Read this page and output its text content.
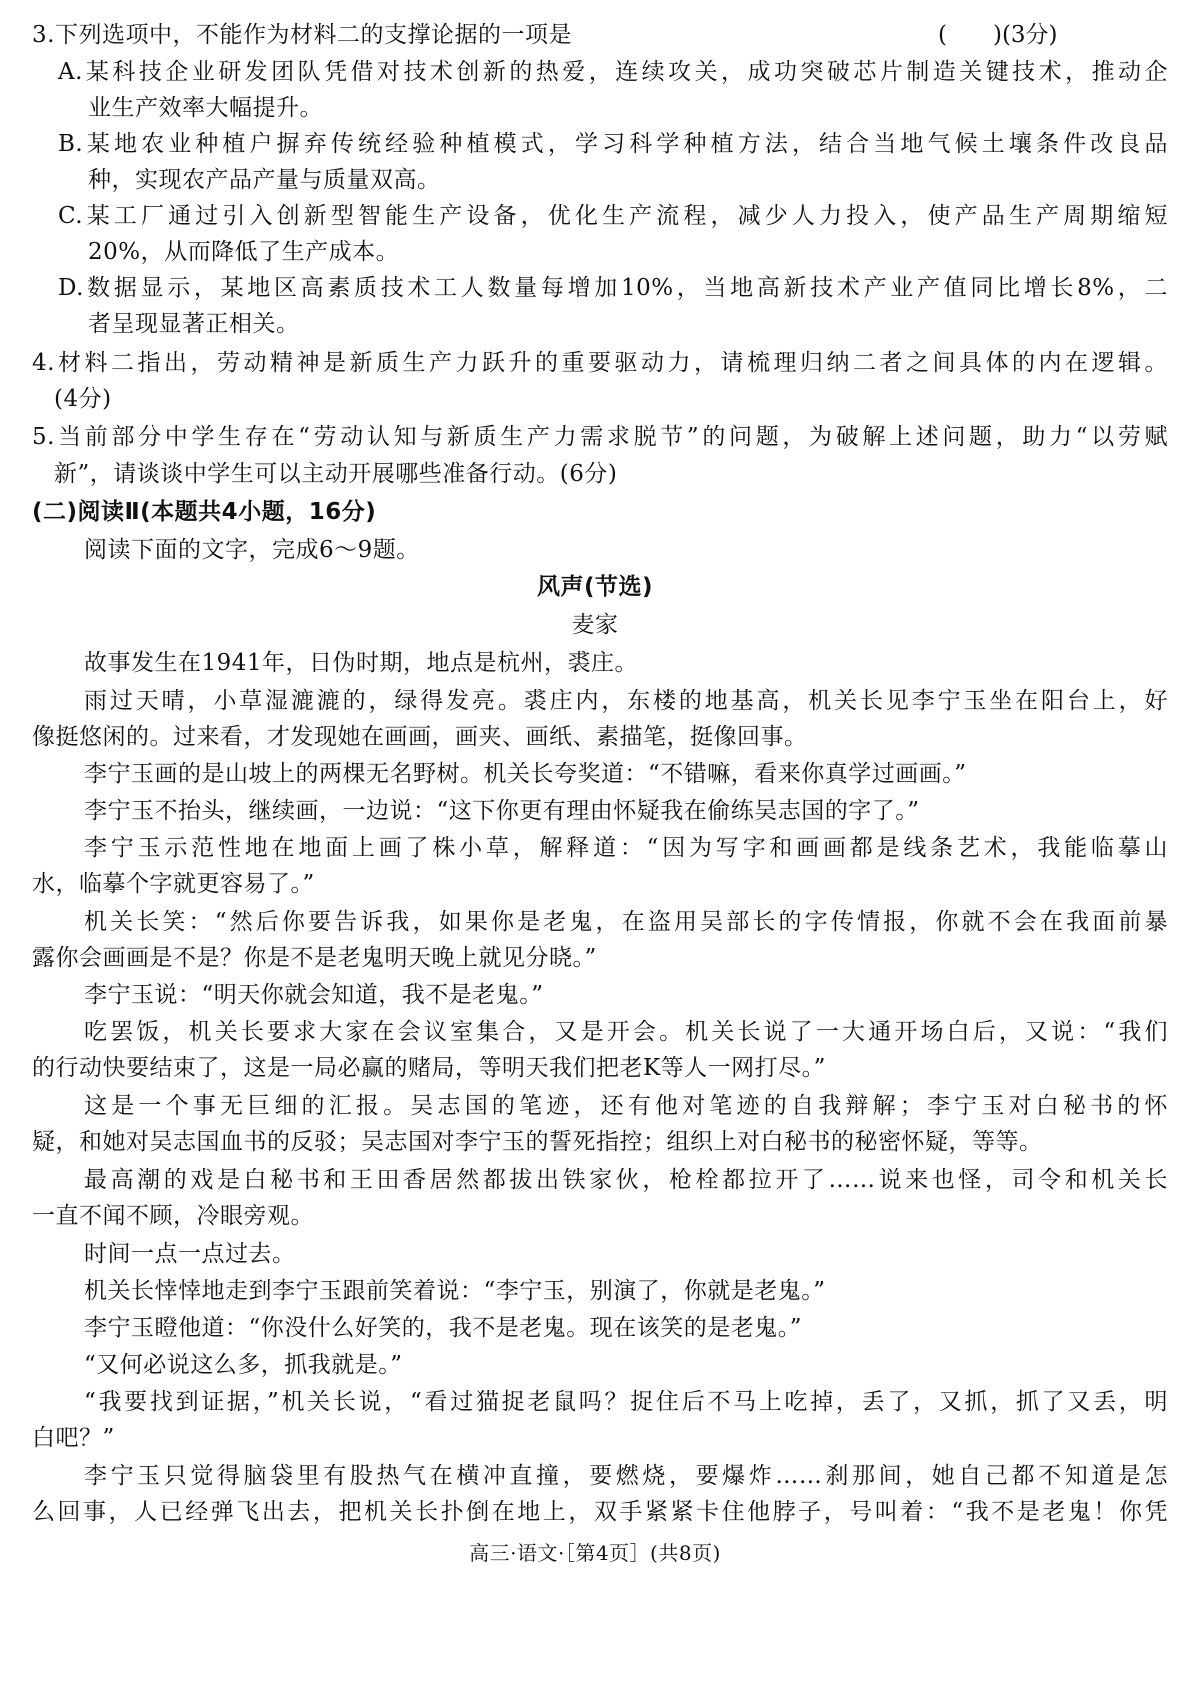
3.下列选项中，不能作为材料二的支撑论据的一项是	(　　)(3分)
A.某科技企业研发团队凭借对技术创新的热爱，连续攻关，成功突破芯片制造关键技术，推动企
业生产效率大幅提升。
B.某地农业种植户摒弃传统经验种植模式，学习科学种植方法，结合当地气候土壤条件改良品
种，实现农产品产量与质量双高。
C.某工厂通过引入创新型智能生产设备，优化生产流程，减少人力投入，使产品生产周期缩短
20%，从而降低了生产成本。
D.数据显示，某地区高素质技术工人数量每增加10%，当地高新技术产业产值同比增长8%，二
者呈现显著正相关。
4.材料二指出，劳动精神是新质生产力跃升的重要驱动力，请梳理归纳二者之间具体的内在逻辑。
(4分)
5.当前部分中学生存在“劳动认知与新质生产力需求脱节”的问题，为破解上述问题，助力“以劳赋
新”，请谈谈中学生可以主动开展哪些准备行动。(6分)
(二)阅读Ⅱ(本题共4小题，16分)
阅读下面的文字，完成6～9题。
风声(节选)
麦家
故事发生在1941年，日伪时期，地点是杭州，裘庄。
雨过天晴，小草湿漉漉的，绿得发亮。裘庄内，东楼的地基高，机关长见李宁玉坐在阳台上，好
像挺悠闲的。过来看，才发现她在画画，画夹、画纸、素描笔，挺像回事。
李宁玉画的是山坡上的两棵无名野树。机关长夸奖道：“不错嘛，看来你真学过画画。”
李宁玉不抬头，继续画，一边说：“这下你更有理由怀疑我在偷练吴志国的字了。”
李宁玉示范性地在地面上画了株小草，解释道：“因为写字和画画都是线条艺术，我能临摹山
水，临摹个字就更容易了。”
机关长笑：“然后你要告诉我，如果你是老鬼，在盗用吴部长的字传情报，你就不会在我面前暴
露你会画画是不是？你是不是老鬼明天晚上就见分晓。”
李宁玉说：“明天你就会知道，我不是老鬼。”
吃罢饭，机关长要求大家在会议室集合，又是开会。机关长说了一大通开场白后，又说：“我们
的行动快要结束了，这是一局必赢的赌局，等明天我们把老K等人一网打尽。”
这是一个事无巨细的汇报。吴志国的笔迹，还有他对笔迹的自我辩解；李宁玉对白秘书的怀
疑，和她对吴志国血书的反驳；吴志国对李宁玉的誓死指控；组织上对白秘书的秘密怀疑，等等。
最高潮的戏是白秘书和王田香居然都拔出铁家伙，枪栓都拉开了……说来也怪，司令和机关长
一直不闻不顾，冷眼旁观。
时间一点一点过去。
机关长悻悻地走到李宁玉跟前笑着说：“李宁玉，别演了，你就是老鬼。”
李宁玉瞪他道：“你没什么好笑的，我不是老鬼。现在该笑的是老鬼。”
“又何必说这么多，抓我就是。”
“我要找到证据，”机关长说，“看过猫捉老鼠吗？捉住后不马上吃掉，丢了，又抓，抓了又丢，明
白吧？”
李宁玉只觉得脑袋里有股热气在横冲直撞，要燃烧，要爆炸……刹那间，她自己都不知道是怎
么回事，人已经弹飞出去，把机关长扑倒在地上，双手紧紧卡住他脖子，号叫着：“我不是老鬼！你凭
高三·语文·［第4页］(共8页)
